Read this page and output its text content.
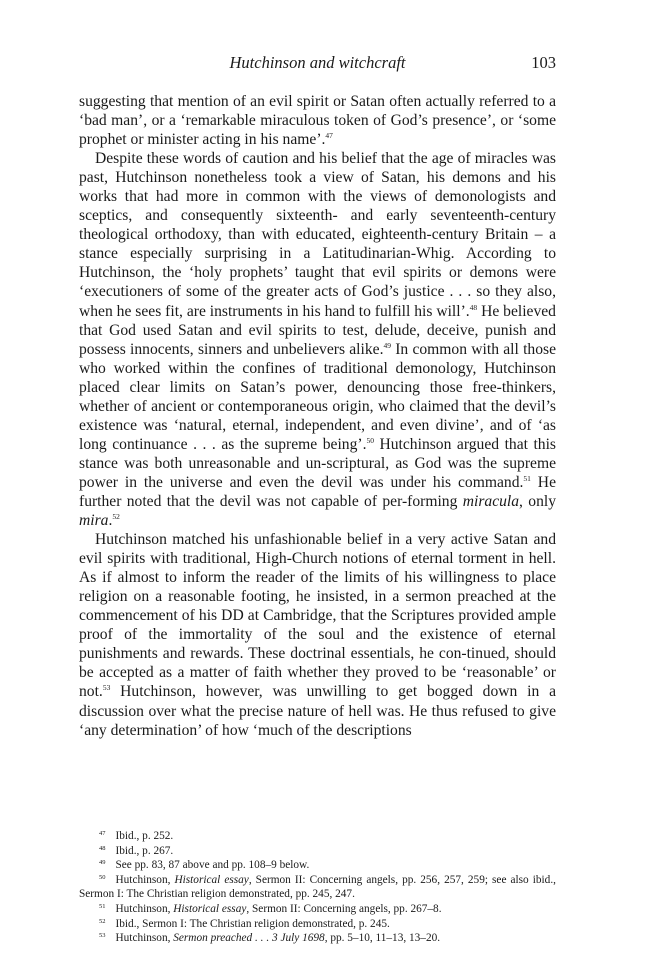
Hutchinson and witchcraft	103

suggesting that mention of an evil spirit or Satan often actually referred to a ‘bad man’, or a ‘remarkable miraculous token of God’s presence’, or ‘some prophet or minister acting in his name’.$^{47}$

Despite these words of caution and his belief that the age of miracles was past, Hutchinson nonetheless took a view of Satan, his demons and his works that had more in common with the views of demonologists and sceptics, and consequently sixteenth- and early seventeenth-century theological orthodoxy, than with educated, eighteenth-century Britain – a stance especially surprising in a Latitudinarian-Whig. According to Hutchinson, the ‘holy prophets’ taught that evil spirits or demons were ‘executioners of some of the greater acts of God’s justice . . . so they also, when he sees fit, are instruments in his hand to fulfill his will’.$^{48}$ He believed that God used Satan and evil spirits to test, delude, deceive, punish and possess innocents, sinners and unbelievers alike.$^{49}$ In common with all those who worked within the confines of traditional demonology, Hutchinson placed clear limits on Satan’s power, denouncing those free-thinkers, whether of ancient or contemporaneous origin, who claimed that the devil’s existence was ‘natural, eternal, independent, and even divine’, and of ‘as long continuance . . . as the supreme being’.$^{50}$ Hutchinson argued that this stance was both unreasonable and un-scriptural, as God was the supreme power in the universe and even the devil was under his command.$^{51}$ He further noted that the devil was not capable of per-forming miracula, only mira.$^{52}$

Hutchinson matched his unfashionable belief in a very active Satan and evil spirits with traditional, High-Church notions of eternal torment in hell. As if almost to inform the reader of the limits of his willingness to place religion on a reasonable footing, he insisted, in a sermon preached at the commencement of his DD at Cambridge, that the Scriptures provided ample proof of the immortality of the soul and the existence of eternal punishments and rewards. These doctrinal essentials, he con-tinued, should be accepted as a matter of faith whether they proved to be ‘reasonable’ or not.$^{53}$ Hutchinson, however, was unwilling to get bogged down in a discussion over what the precise nature of hell was. He thus refused to give ‘any determination’ of how ‘much of the descriptions

$^{47}$ Ibid., p. 252.

$^{48}$ Ibid., p. 267.

$^{49}$ See pp. 83, 87 above and pp. 108–9 below.

$^{50}$ Hutchinson, Historical essay, Sermon II: Concerning angels, pp. 256, 257, 259; see also ibid., Sermon I: The Christian religion demonstrated, pp. 245, 247.

$^{51}$ Hutchinson, Historical essay, Sermon II: Concerning angels, pp. 267–8.

$^{52}$ Ibid., Sermon I: The Christian religion demonstrated, p. 245.

$^{53}$ Hutchinson, Sermon preached . . . 3 July 1698, pp. 5–10, 11–13, 13–20.
